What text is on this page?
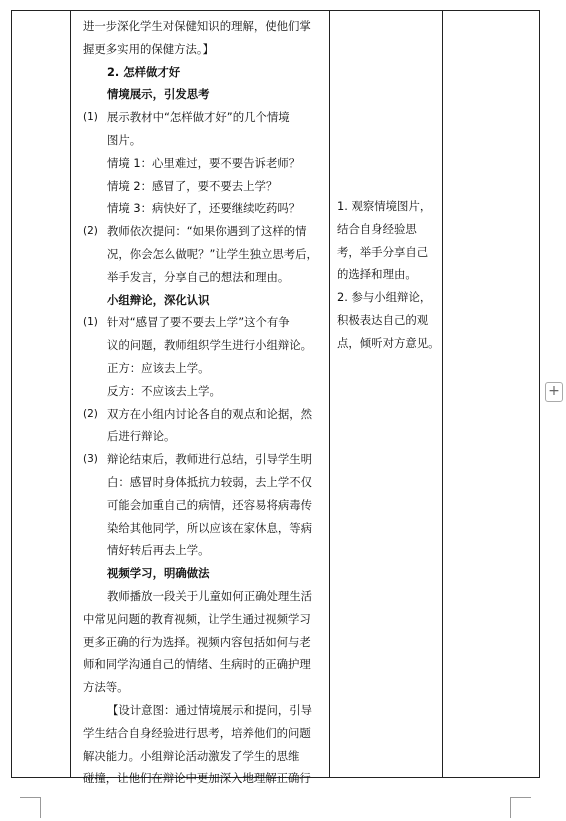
进一步深化学生对保健知识的理解，使他们掌
握更多实用的保健方法。】
2. 怎样做才好
情境展示，引发思考
(1) 展示教材中“怎样做才好”的几个情境
图片。
情境 1：心里难过，要不要告诉老师？
情境 2：感冒了，要不要去上学？
情境 3：病快好了，还要继续吃药吗？
(2) 教师依次提问：“如果你遇到了这样的情
况，你会怎么做呢？”让学生独立思考后，
举手发言，分享自己的想法和理由。
小组辩论，深化认识
(1) 针对“感冒了要不要去上学”这个有争
议的问题，教师组织学生进行小组辩论。
正方：应该去上学。
反方：不应该去上学。
(2) 双方在小组内讨论各自的观点和论据，然
后进行辩论。
(3) 辩论结束后，教师进行总结，引导学生明
白：感冒时身体抵抗力较弱，去上学不仅
可能会加重自己的病情，还容易将病毒传
染给其他同学，所以应该在家休息，等病
情好转后再去上学。
视频学习，明确做法
教师播放一段关于儿童如何正确处理生活
中常见问题的教育视频，让学生通过视频学习
更多正确的行为选择。视频内容包括如何与老
师和同学沟通自己的情绪、生病时的正确护理
方法等。
【设计意图：通过情境展示和提问，引导
学生结合自身经验进行思考，培养他们的问题
解决能力。小组辩论活动激发了学生的思维
碰撞，让他们在辩论中更加深入地理解正确行
1. 观察情境图片，
结合自身经验思
考，举手分享自己
的选择和理由。
2. 参与小组辩论，
积极表达自己的观
点，倾听对方意见。
+
